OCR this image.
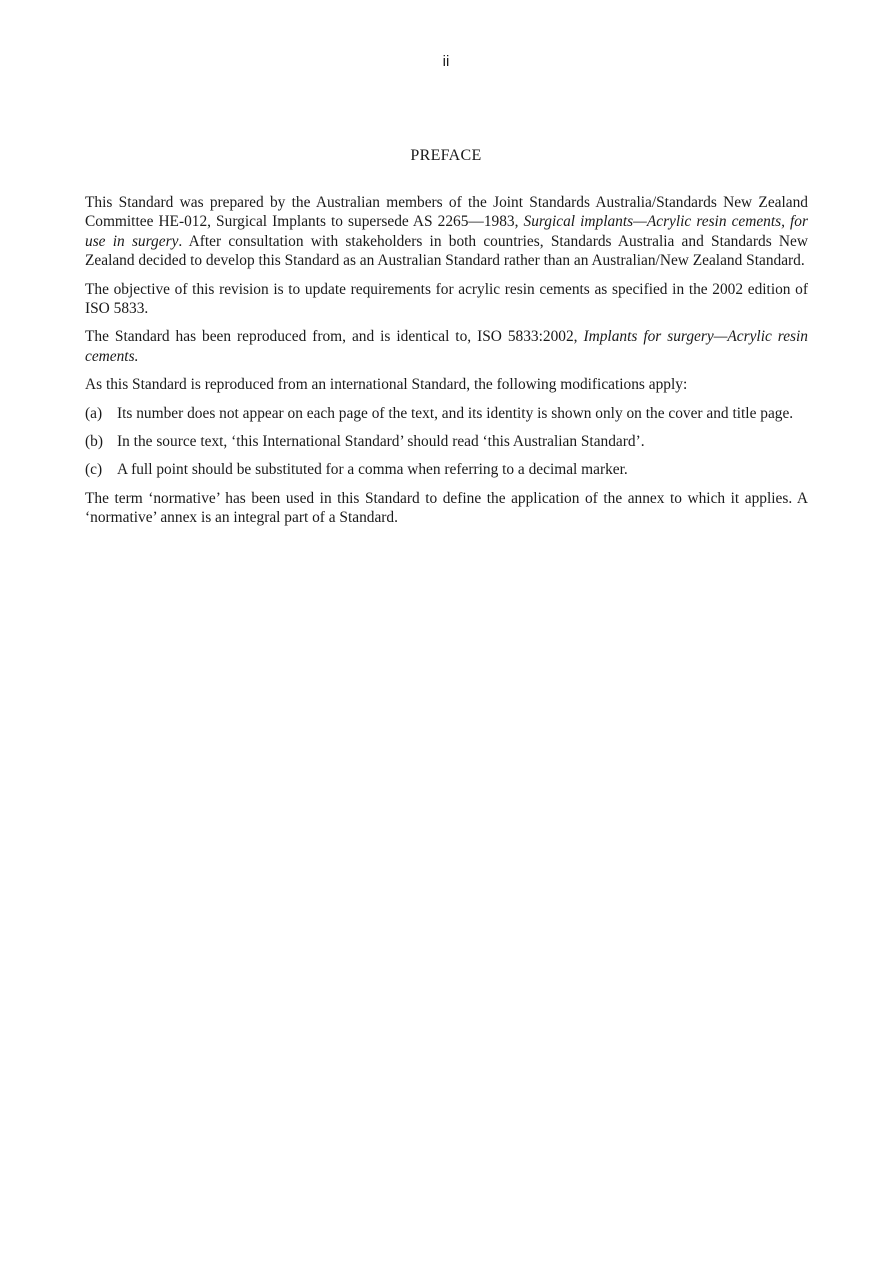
ii
PREFACE

This Standard was prepared by the Australian members of the Joint Standards Australia/Standards New Zealand Committee HE-012, Surgical Implants to supersede AS 2265—1983, Surgical implants—Acrylic resin cements, for use in surgery. After consultation with stakeholders in both countries, Standards Australia and Standards New Zealand decided to develop this Standard as an Australian Standard rather than an Australian/New Zealand Standard.

The objective of this revision is to update requirements for acrylic resin cements as specified in the 2002 edition of ISO 5833.

The Standard has been reproduced from, and is identical to, ISO 5833:2002, Implants for surgery—Acrylic resin cements.

As this Standard is reproduced from an international Standard, the following modifications apply:

(a) Its number does not appear on each page of the text, and its identity is shown only on the cover and title page.
(b) In the source text, ‘this International Standard’ should read ‘this Australian Standard’.
(c) A full point should be substituted for a comma when referring to a decimal marker.

The term ‘normative’ has been used in this Standard to define the application of the annex to which it applies. A ‘normative’ annex is an integral part of a Standard.
